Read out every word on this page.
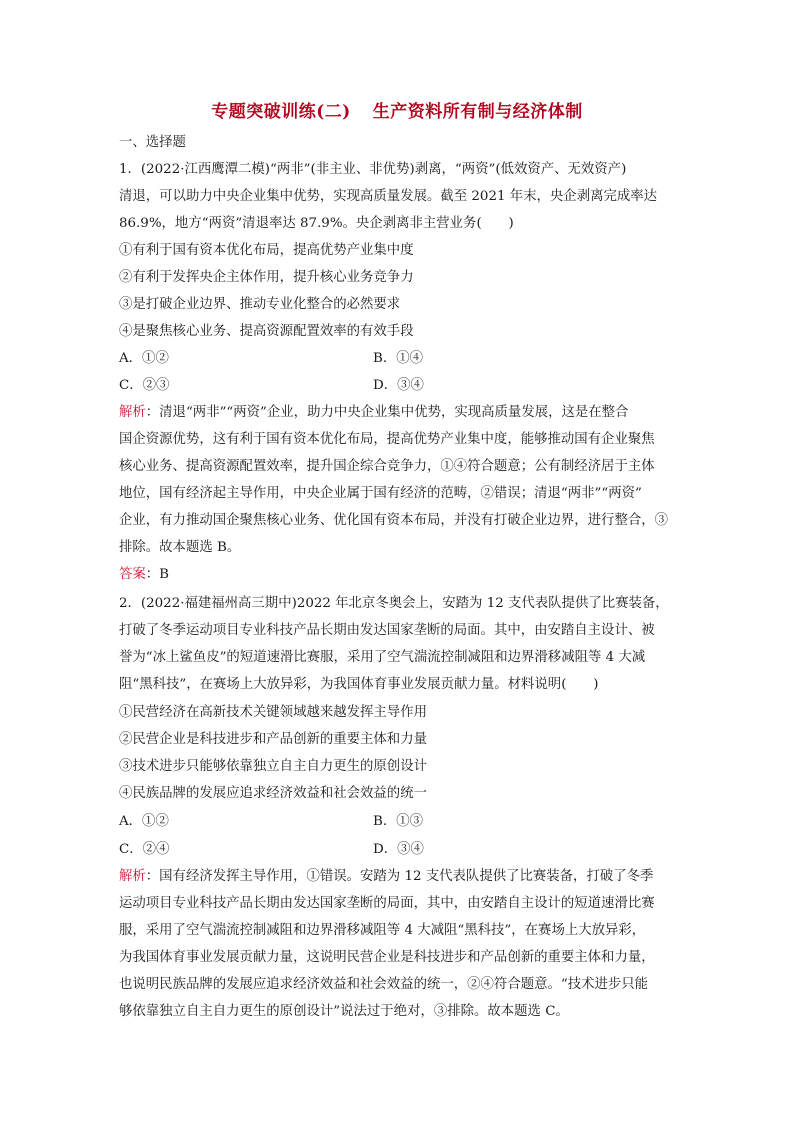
专题突破训练(二) 生产资料所有制与经济体制
一、选择题
1．(2022·江西鹰潭二模)“两非”(非主业、非优势)剥离，“两资”(低效资产、无效资产)
清退，可以助力中央企业集中优势，实现高质量发展。截至 2021 年末，央企剥离完成率达
86.9%，地方“两资”清退率达 87.9%。央企剥离非主营业务(　　)
①有利于国有资本优化布局，提高优势产业集中度
②有利于发挥央企主体作用，提升核心业务竞争力
③是打破企业边界、推动专业化整合的必然要求
④是聚焦核心业务、提高资源配置效率的有效手段
A．①②	B．①④
C．②③	D．③④
解析：清退“两非”“两资”企业，助力中央企业集中优势，实现高质量发展，这是在整合
国企资源优势，这有利于国有资本优化布局，提高优势产业集中度，能够推动国有企业聚焦
核心业务、提高资源配置效率，提升国企综合竞争力，①④符合题意；公有制经济居于主体
地位，国有经济起主导作用，中央企业属于国有经济的范畴，②错误；清退“两非”“两资”
企业，有力推动国企聚焦核心业务、优化国有资本布局，并没有打破企业边界，进行整合，③
排除。故本题选 B。
答案：B
2．(2022·福建福州高三期中)2022 年北京冬奥会上，安踏为 12 支代表队提供了比赛装备，
打破了冬季运动项目专业科技产品长期由发达国家垄断的局面。其中，由安踏自主设计、被
誉为“冰上鲨鱼皮”的短道速滑比赛服，采用了空气湍流控制减阻和边界滑移减阻等 4 大减
阻“黑科技”，在赛场上大放异彩，为我国体育事业发展贡献力量。材料说明(　　)
①民营经济在高新技术关键领域越来越发挥主导作用
②民营企业是科技进步和产品创新的重要主体和力量
③技术进步只能够依靠独立自主自力更生的原创设计
④民族品牌的发展应追求经济效益和社会效益的统一
A．①②	B．①③
C．②④	D．③④
解析：国有经济发挥主导作用，①错误。安踏为 12 支代表队提供了比赛装备，打破了冬季
运动项目专业科技产品长期由发达国家垄断的局面，其中，由安踏自主设计的短道速滑比赛
服，采用了空气湍流控制减阻和边界滑移减阻等 4 大减阻“黑科技”，在赛场上大放异彩，
为我国体育事业发展贡献力量，这说明民营企业是科技进步和产品创新的重要主体和力量，
也说明民族品牌的发展应追求经济效益和社会效益的统一，②④符合题意。“技术进步只能
够依靠独立自主自力更生的原创设计”说法过于绝对，③排除。故本题选 C。
